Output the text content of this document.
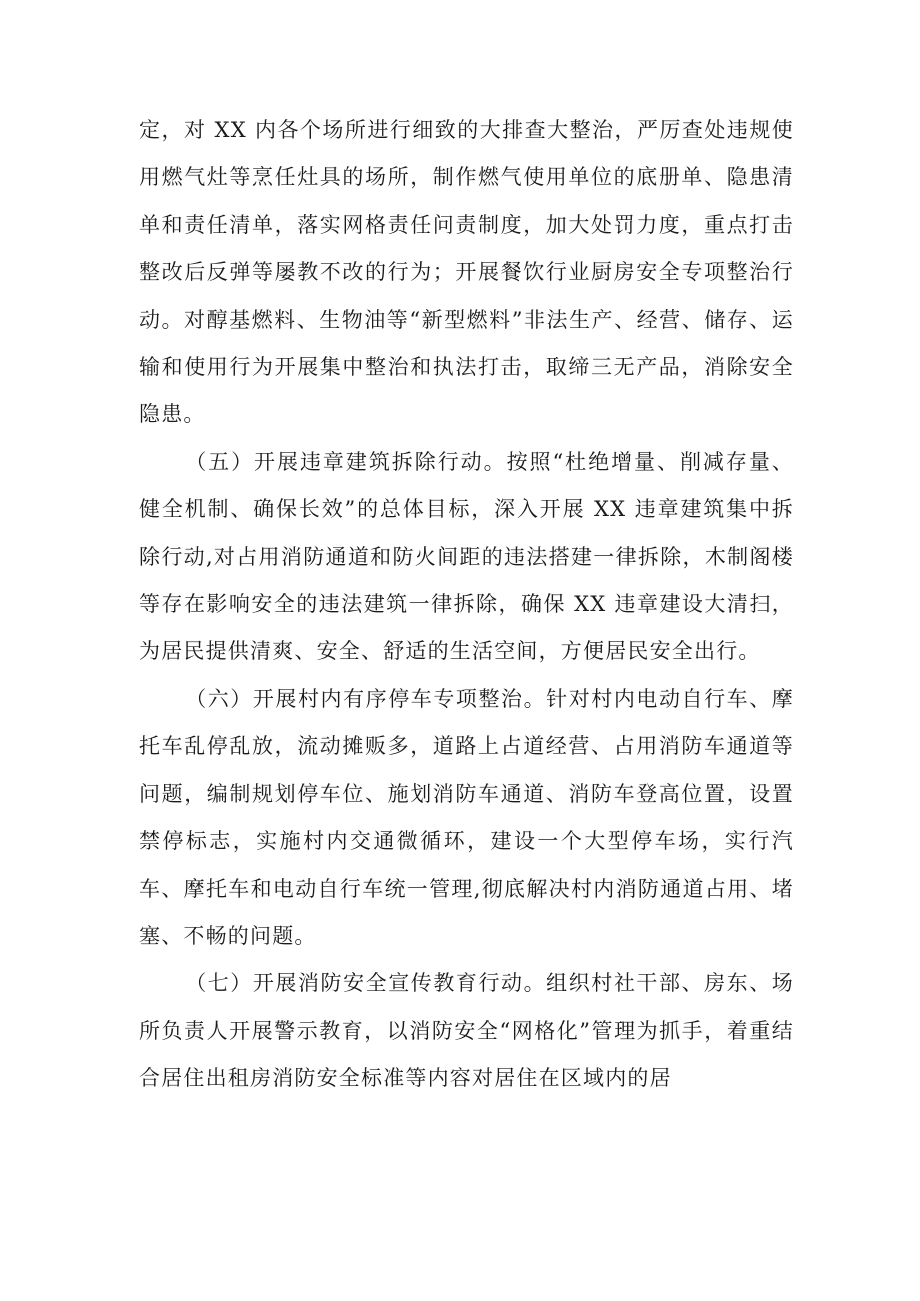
定，对 XX 内各个场所进行细致的大排查大整治，严厉查处违规使用燃气灶等烹任灶具的场所，制作燃气使用单位的底册单、隐患清单和责任清单，落实网格责任问责制度，加大处罚力度，重点打击整改后反弹等屡教不改的行为；开展餐饮行业厨房安全专项整治行动。对醇基燃料、生物油等“新型燃料”非法生产、经营、储存、运输和使用行为开展集中整治和执法打击，取缔三无产品，消除安全隐患。

（五）开展违章建筑拆除行动。按照“杜绝增量、削减存量、健全机制、确保长效”的总体目标，深入开展 XX 违章建筑集中拆除行动,对占用消防通道和防火间距的违法搭建一律拆除，木制阁楼等存在影响安全的违法建筑一律拆除，确保 XX 违章建设大清扫，为居民提供清爽、安全、舒适的生活空间，方便居民安全出行。

（六）开展村内有序停车专项整治。针对村内电动自行车、摩托车乱停乱放，流动摊贩多，道路上占道经营、占用消防车通道等问题，编制规划停车位、施划消防车通道、消防车登高位置，设置禁停标志，实施村内交通微循环，建设一个大型停车场，实行汽车、摩托车和电动自行车统一管理,彻底解决村内消防通道占用、堵塞、不畅的问题。

（七）开展消防安全宣传教育行动。组织村社干部、房东、场所负责人开展警示教育，以消防安全“网格化”管理为抓手，着重结合居住出租房消防安全标准等内容对居住在区域内的居
